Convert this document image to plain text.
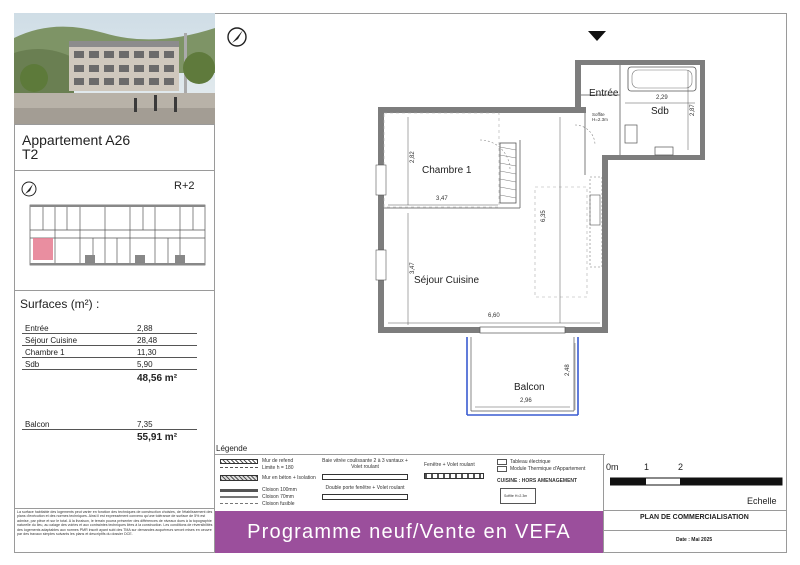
Appartement A26
T2
R+2
Surfaces (m²) :
Entrée	2,88
Séjour Cuisine	28,48
Chambre 1	11,30
Sdb	5,90
48,56 m²
Balcon	7,35
55,91 m²
La surface habitable des logements peut varier en fonction des techniques de construction choisies, de l'établissement des plans d'exécution et des normes techniques. Ainsi il est expressément convenu qu'une tolérance de surface de 5% est admise, par pièce et sur le total. A la livraison, le terrain pourra présenter des différences de niveaux dues à la topographie naturelle du lieu, au calage des voiries et aux contraintes techniques liées à la construction. Les conditions de réversibilités des logements adaptables aux normes PMR inscrit ayant subi des TMA sur demandes acquéreurs seront mises en oeuvre par des travaux simples suivants les plans et descriptifs du dossier DCE.
Entrée
Sdb
Chambre 1
Séjour Cuisine
Balcon
Soffite H=2.3m
2,82
3,47
3,47
6,35
6,60
2,29
2,87
2,48
2,96
Légende
Mur de refend
Limite h = 180
Mur en béton + Isolation
Cloison 100mm
Cloison 70mm
Cloison fusible
Baie vitrée coulissante 2 à 3 vantaux + Volet roulant
Double porte fenêtre + Volet roulant
Fenêtre + Volet roulant	Tableau électrique
Module Thermique d'Appartement
CUISINE : HORS AMENAGEMENT
Soffite H=2.3m
0m	1	2
Echelle
Programme neuf/Vente en VEFA
PLAN DE COMMERCIALISATION
Date : Mai 2025
